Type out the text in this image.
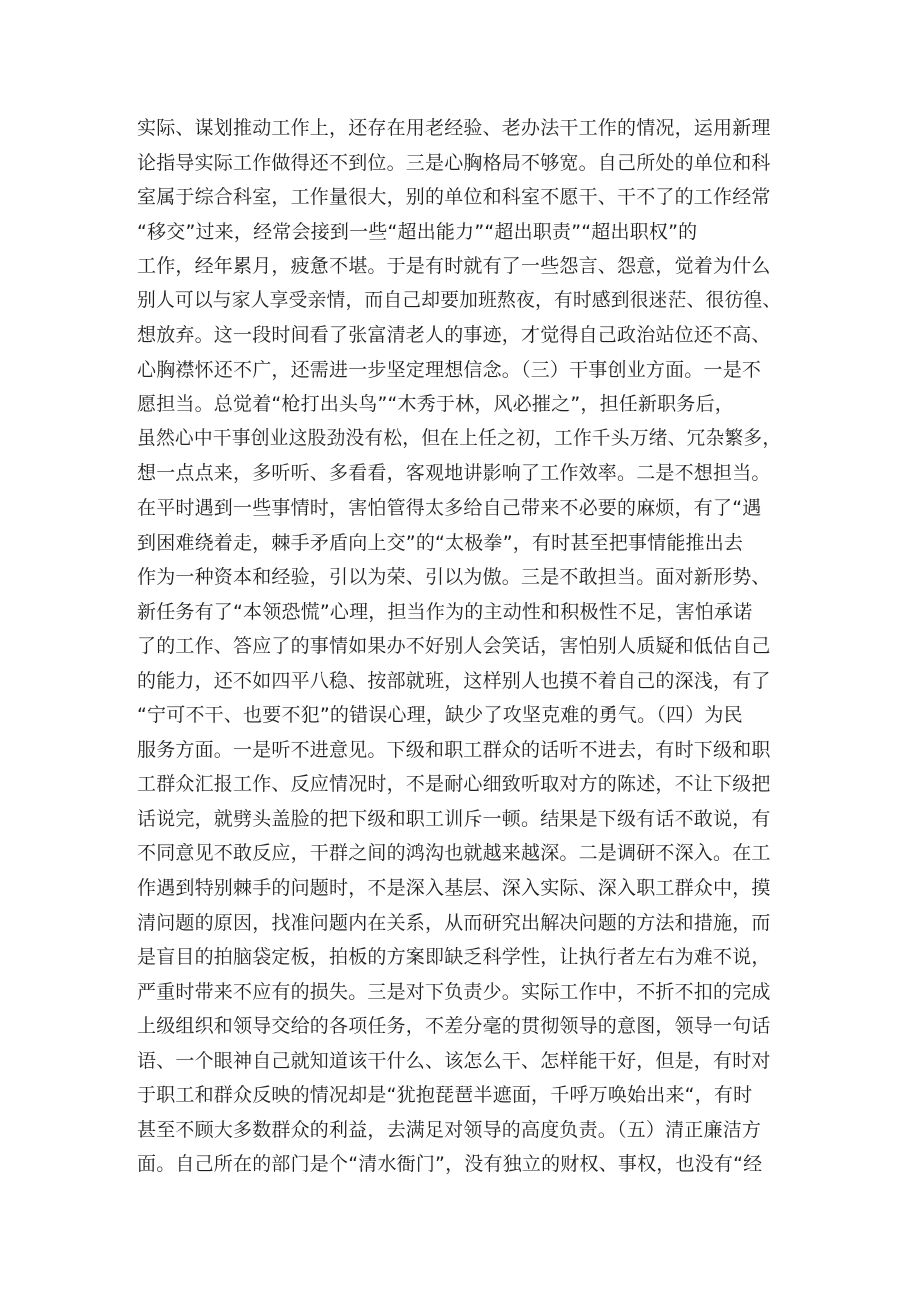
实际、谋划推动工作上，还存在用老经验、老办法干工作的情况，运用新理
论指导实际工作做得还不到位。三是心胸格局不够宽。自己所处的单位和科
室属于综合科室，工作量很大，别的单位和科室不愿干、干不了的工作经常
“移交”过来，经常会接到一些“超出能力”“超出职责”“超出职权”的
工作，经年累月，疲惫不堪。于是有时就有了一些怨言、怨意，觉着为什么
别人可以与家人享受亲情，而自己却要加班熬夜，有时感到很迷茫、很彷徨、
想放弃。这一段时间看了张富清老人的事迹，才觉得自己政治站位还不高、
心胸襟怀还不广，还需进一步坚定理想信念。（三）干事创业方面。一是不
愿担当。总觉着“枪打出头鸟”“木秀于林，风必摧之”，担任新职务后，
虽然心中干事创业这股劲没有松，但在上任之初，工作千头万绪、冗杂繁多，
想一点点来，多听听、多看看，客观地讲影响了工作效率。二是不想担当。
在平时遇到一些事情时，害怕管得太多给自己带来不必要的麻烦，有了“遇
到困难绕着走，棘手矛盾向上交”的“太极拳”，有时甚至把事情能推出去
作为一种资本和经验，引以为荣、引以为傲。三是不敢担当。面对新形势、
新任务有了“本领恐慌”心理，担当作为的主动性和积极性不足，害怕承诺
了的工作、答应了的事情如果办不好别人会笑话，害怕别人质疑和低估自己
的能力，还不如四平八稳、按部就班，这样别人也摸不着自己的深浅，有了
“宁可不干、也要不犯”的错误心理，缺少了攻坚克难的勇气。（四）为民
服务方面。一是听不进意见。下级和职工群众的话听不进去，有时下级和职
工群众汇报工作、反应情况时，不是耐心细致听取对方的陈述，不让下级把
话说完，就劈头盖脸的把下级和职工训斥一顿。结果是下级有话不敢说，有
不同意见不敢反应，干群之间的鸿沟也就越来越深。二是调研不深入。在工
作遇到特别棘手的问题时，不是深入基层、深入实际、深入职工群众中，摸
清问题的原因，找准问题内在关系，从而研究出解决问题的方法和措施，而
是盲目的拍脑袋定板，拍板的方案即缺乏科学性，让执行者左右为难不说，
严重时带来不应有的损失。三是对下负责少。实际工作中，不折不扣的完成
上级组织和领导交给的各项任务，不差分毫的贯彻领导的意图，领导一句话
语、一个眼神自己就知道该干什么、该怎么干、怎样能干好，但是，有时对
于职工和群众反映的情况却是“犹抱琵琶半遮面，千呼万唤始出来“，有时
甚至不顾大多数群众的利益，去满足对领导的高度负责。（五）清正廉洁方
面。自己所在的部门是个“清水衙门”，没有独立的财权、事权，也没有“经
